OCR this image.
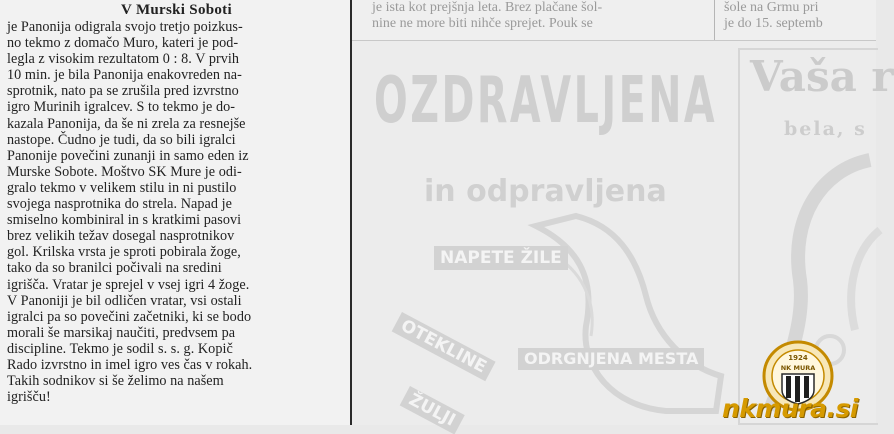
V Murski Soboti
je Panonija odigrala svojo tretjo poizkus-
no tekmo z domačo Muro, kateri je pod-
legla z visokim rezultatom 0 : 8. V prvih
10 min. je bila Panonija enakovreden na-
sprotnik, nato pa se zrušila pred izvrstno
igro Murinih igralcev. S to tekmo je do-
kazala Panonija, da še ni zrela za resnejše
nastope. Čudno je tudi, da so bili igralci
Panonije povečini zunanji in samo eden iz
Murske Sobote. Moštvo SK Mure je odi-
gralo tekmo v velikem stilu in ni pustilo
svojega nasprotnika do strela. Napad je
smiselno kombiniral in s kratkimi pasovi
brez velikih težav dosegal nasprotnikov
gol. Krilska vrsta je sproti pobirala žoge,
tako da so branilci počivali na sredini
igrišča. Vratar je sprejel v vsej igri 4 žoge.
V Panoniji je bil odličen vratar, vsi ostali
igralci pa so povečini začetniki, ki se bodo
morali še marsikaj naučiti, predvsem pa
discipline. Tekmo je sodil s. s. g. Kopič
Rado izvrstno in imel igro ves čas v rokah.
Takih sodnikov si še želimo na našem
igrišču!
je ista kot prejšnja leta. Brez plačane šol-
nine ne more biti nihče sprejet. Pouk se
šole na Grmu pri
je do 15. septemb
OZDRAVLJENA
in odpravljena
NAPETE ŽILE
OTEKLINE	ODRGNJENA MESTA
ŽULJI
Vaša r
bela, s
1924
NK MURA
nkmura.si
